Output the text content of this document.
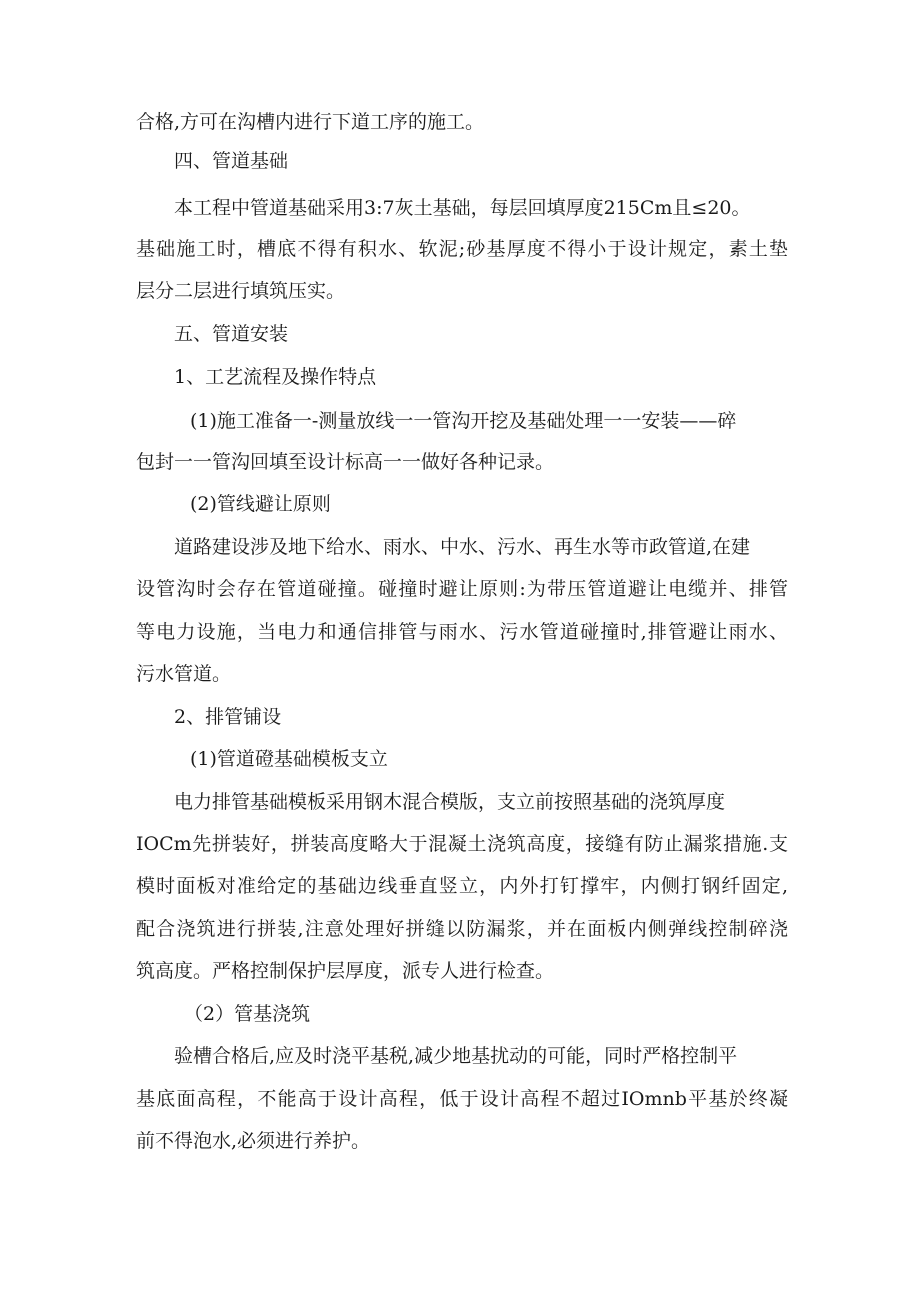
合格,方可在沟槽内进行下道工序的施工。
四、管道基础
本工程中管道基础采用3:7灰土基础，每层回填厚度215Cm且≤20。
基础施工时，槽底不得有积水、软泥;砂基厚度不得小于设计规定，素土垫
层分二层进行填筑压实。
五、管道安装
1、工艺流程及操作特点
(1)施工准备一-测量放线一一管沟开挖及基础处理一一安装——碎
包封一一管沟回填至设计标高一一做好各种记录。
(2)管线避让原则
道路建设涉及地下给水、雨水、中水、污水、再生水等市政管道,在建
设管沟时会存在管道碰撞。碰撞时避让原则:为带压管道避让电缆并、排管
等电力设施，当电力和通信排管与雨水、污水管道碰撞时,排管避让雨水、
污水管道。
2、排管铺设
(1)管道磴基础模板支立
电力排管基础模板采用钢木混合模版，支立前按照基础的浇筑厚度
IOCm先拼装好，拼装高度略大于混凝土浇筑高度，接缝有防止漏浆措施.支
模时面板对准给定的基础边线垂直竖立，内外打钉撑牢，内侧打钢纤固定,
配合浇筑进行拼装,注意处理好拼缝以防漏浆，并在面板内侧弹线控制碎浇
筑高度。严格控制保护层厚度，派专人进行检查。
（2）管基浇筑
验槽合格后,应及时浇平基税,减少地基扰动的可能，同时严格控制平
基底面高程，不能高于设计高程，低于设计高程不超过IOmnb平基於终凝
前不得泡水,必须进行养护。
